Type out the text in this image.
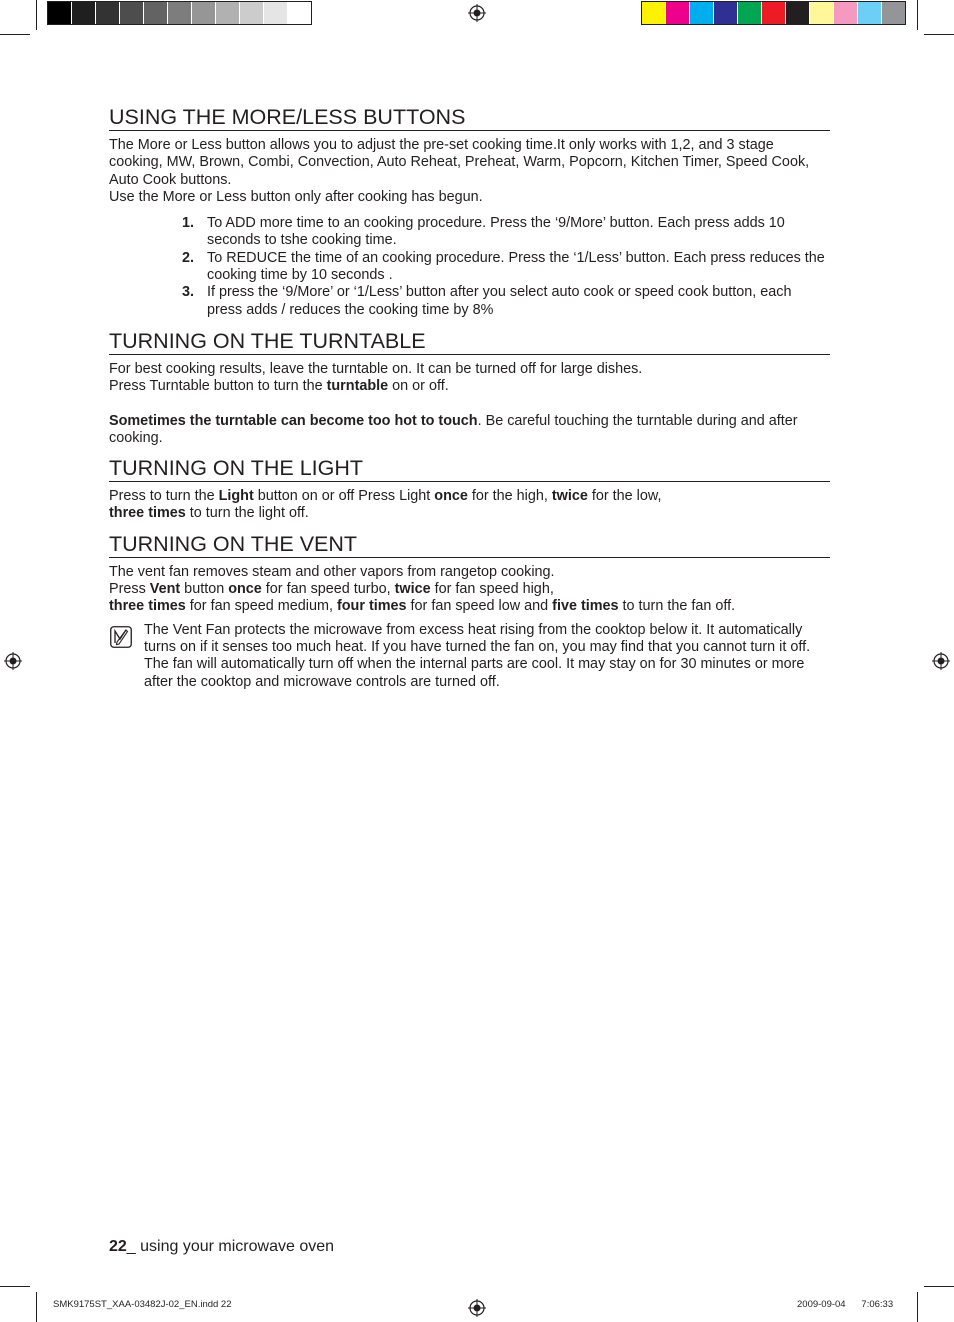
USING THE MORE/LESS BUTTONS

The More or Less button allows you to adjust the pre-set cooking time.It only works with 1,2, and 3 stage cooking, MW, Brown, Combi, Convection, Auto Reheat, Preheat, Warm, Popcorn, Kitchen Timer, Speed Cook, Auto Cook buttons.

Use the More or Less button only after cooking has begun.

1. To ADD more time to an cooking procedure. Press the ‘9/More’ button. Each press adds 10 seconds to tshe cooking time.
2. To REDUCE the time of an cooking procedure. Press the ‘1/Less’ button. Each press reduces the cooking time by 10 seconds .
3. If press the ‘9/More’ or ‘1/Less’ button after you select auto cook or speed cook button, each press adds / reduces the cooking time by 8%
TURNING ON THE TURNTABLE

For best cooking results, leave the turntable on. It can be turned off for large dishes.

Press Turntable button to turn the turntable on or off.

Sometimes the turntable can become too hot to touch. Be careful touching the turntable during and after cooking.

TURNING ON THE LIGHT

Press to turn the Light button on or off Press Light once for the high, twice for the low,

three times to turn the light off.

TURNING ON THE VENT

The vent fan removes steam and other vapors from rangetop cooking.

Press Vent button once for fan speed turbo, twice for fan speed high,

three times for fan speed medium, four times for fan speed low and five times to turn the fan off.

The Vent Fan protects the microwave from excess heat rising from the cooktop below it. It automatically turns on if it senses too much heat. If you have turned the fan on, you may find that you cannot turn it off. The fan will automatically turn off when the internal parts are cool. It may stay on for 30 minutes or more after the cooktop and microwave controls are turned off.

22_ using your microwave oven
SMK9175ST_XAA-03482J-02_EN.indd 22	2009-09-04      7:06:33
